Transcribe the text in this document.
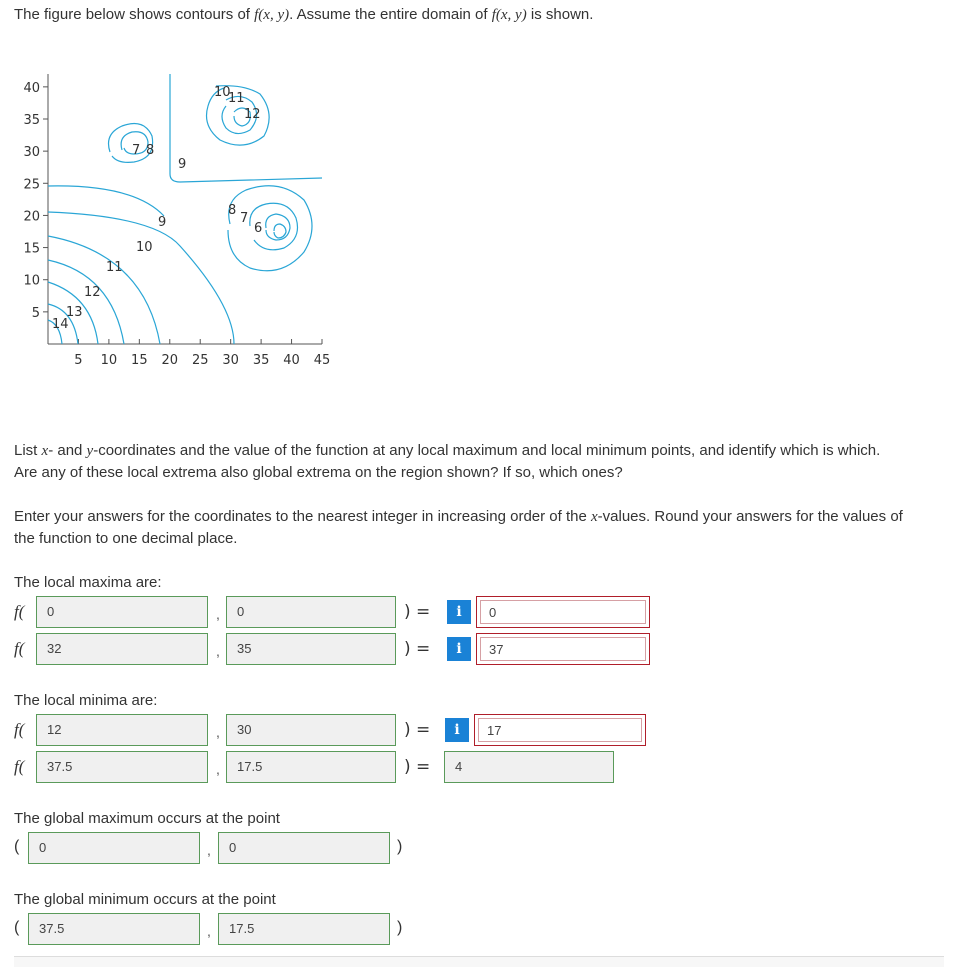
The figure below shows contours of f(x, y). Assume the entire domain of f(x, y) is shown.

40
35
30
25
20
15
10
5
5 10 15 20 25 30 35 40 45
14
13
12
11
10
9
7 8
9
10
11
12
8
7
6

List x- and y-coordinates and the value of the function at any local maximum and local minimum points, and identify which is which.

Are any of these local extrema also global extrema on the region shown? If so, which ones?

Enter your answers for the coordinates to the nearest integer in increasing order of the x-values. Round your answers for the values of

the function to one decimal place.

The local maxima are:

f(	0	,	0	) =	i	0
f(	32	,	35	) =	i	37

The local minima are:

f(	12	,	30	) =	i	17
f(	37.5	,	17.5	) =	4

The global maximum occurs at the point

(	0	,	0	)

The global minimum occurs at the point

(	37.5	,	17.5	)
